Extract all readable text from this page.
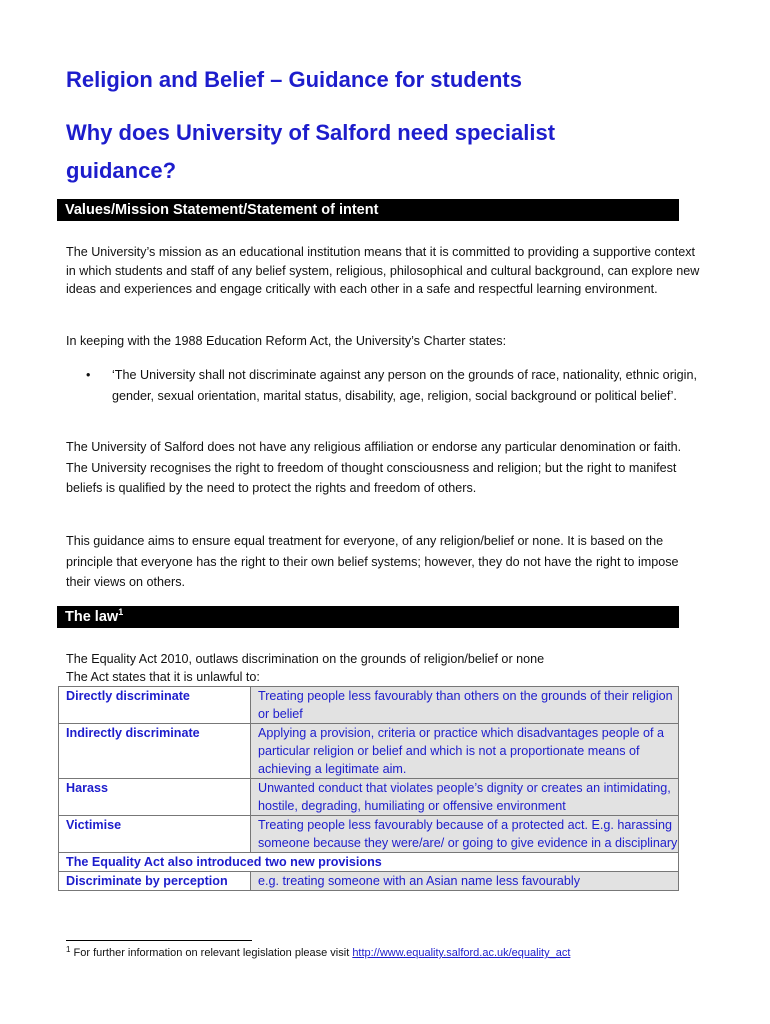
Religion and Belief – Guidance for students
Why does University of Salford need specialist guidance?
Values/Mission Statement/Statement of intent

The University’s mission as an educational institution means that it is committed to providing a supportive context in which students and staff of any belief system, religious, philosophical and cultural background, can explore new ideas and experiences and engage critically with each other in a safe and respectful learning environment.

In keeping with the 1988 Education Reform Act, the University’s Charter states:

•	‘The University shall not discriminate against any person on the grounds of race, nationality, ethnic origin, gender, sexual orientation, marital status, disability, age, religion, social background or political belief’.

The University of Salford does not have any religious affiliation or endorse any particular denomination or faith. The University recognises the right to freedom of thought consciousness and religion; but the right to manifest beliefs is qualified by the need to protect the rights and freedom of others.

This guidance aims to ensure equal treatment for everyone, of any religion/belief or none. It is based on the principle that everyone has the right to their own belief systems; however, they do not have the right to impose their views on others.

The law$^1$

The Equality Act 2010, outlaws discrimination on the grounds of religion/belief or none

The Act states that it is unlawful to:

Directly discriminate	Treating people less favourably than others on the grounds of their religion or belief
Indirectly discriminate	Applying a provision, criteria or practice which disadvantages people of a particular religion or belief and which is not a proportionate means of achieving a legitimate aim.
Harass	Unwanted conduct that violates people’s dignity or creates an intimidating, hostile, degrading, humiliating or offensive environment
Victimise	Treating people less favourably because of a protected act. E.g. harassing someone because they were/are/ or going to give evidence in a disciplinary
The Equality Act also introduced two new provisions	
Discriminate by perception	e.g. treating someone with an Asian name less favourably
$^1$ For further information on relevant legislation please visit http://www.equality.salford.ac.uk/equality_act
